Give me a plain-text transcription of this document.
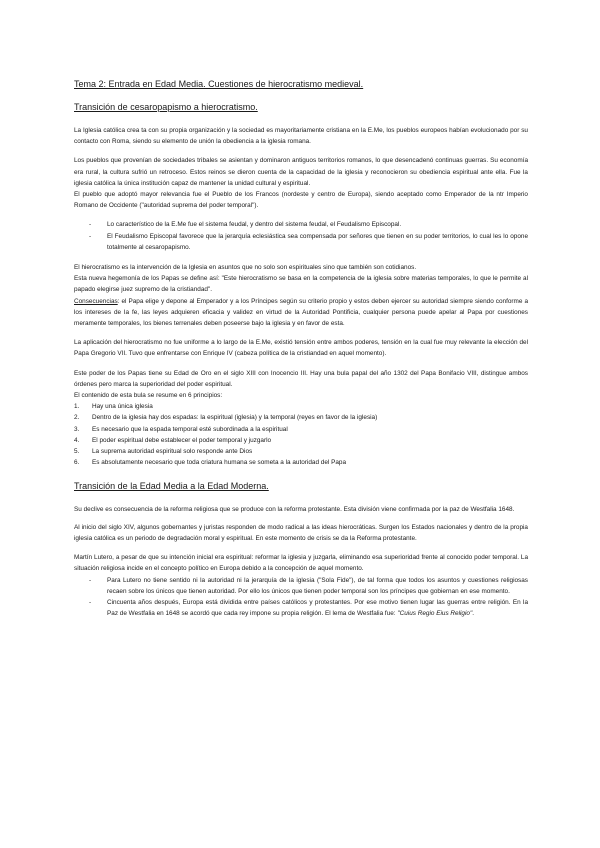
Tema 2: Entrada en Edad Media. Cuestiones de hierocratismo medieval.
Transición de cesaropapismo a hierocratismo.

La Iglesia católica crea ta con su propia organización y la sociedad es mayoritariamente cristiana en la E.Me, los pueblos europeos habían evolucionado por su contacto con Roma, siendo su elemento de unión la obediencia a la iglesia romana.

Los pueblos que provenían de sociedades tribales se asientan y dominaron antiguos territorios romanos, lo que desencadenó continuas guerras. Su economía era rural, la cultura sufrió un retroceso. Estos reinos se dieron cuenta de la capacidad de la iglesia y reconocieron su obediencia espiritual ante ella. Fue la iglesia católica la única institución capaz de mantener la unidad cultural y espiritual.

El pueblo que adoptó mayor relevancia fue el Pueblo de los Francos (nordeste y centro de Europa), siendo aceptado como Emperador de la ntr Imperio Romano de Occidente ("autoridad suprema del poder temporal").

- Lo característico de la E.Me fue el sistema feudal, y dentro del sistema feudal, el Feudalismo Episcopal.
- El Feudalismo Episcopal favorece que la jerarquía eclesiástica sea compensada por señores que tienen en su poder territorios, lo cual les lo opone totalmente al cesaropapismo.

El hierocratismo es la intervención de la Iglesia en asuntos que no solo son espirituales sino que también son cotidianos.

Esta nueva hegemonía de los Papas se define así: "Este hierocratismo se basa en la competencia de la iglesia sobre materias temporales, lo que le permite al papado elegirse juez supremo de la cristiandad".

Consecuencias: el Papa elige y depone al Emperador y a los Príncipes según su criterio propio y estos deben ejercer su autoridad siempre siendo conforme a los intereses de la fe, las leyes adquieren eficacia y validez en virtud de la Autoridad Pontificia, cualquier persona puede apelar al Papa por cuestiones meramente temporales, los bienes terrenales deben poseerse bajo la iglesia y en favor de esta.

La aplicación del hierocratismo no fue uniforme a lo largo de la E.Me, existió tensión entre ambos poderes, tensión en la cual fue muy relevante la elección del Papa Gregorio VII. Tuvo que enfrentarse con Enrique IV (cabeza política de la cristiandad en aquel momento).

Este poder de los Papas tiene su Edad de Oro en el siglo XIII con Inocencio III. Hay una bula papal del año 1302 del Papa Bonifacio VIII, distingue ambos órdenes pero marca la superioridad del poder espiritual.

El contenido de esta bula se resume en 6 principios:

1. Hay una única iglesia
2. Dentro de la iglesia hay dos espadas: la espiritual (iglesia) y la temporal (reyes en favor de la iglesia)
3. Es necesario que la espada temporal esté subordinada a la espiritual
4. El poder espiritual debe establecer el poder temporal y juzgarlo
5. La suprema autoridad espiritual solo responde ante Dios
6. Es absolutamente necesario que toda criatura humana se someta a la autoridad del Papa
Transición de la Edad Media a la Edad Moderna.

Su declive es consecuencia de la reforma religiosa que se produce con la reforma protestante. Esta división viene confirmada por la paz de Westfalia 1648.

Al inicio del siglo XIV, algunos gobernantes y juristas responden de modo radical a las ideas hierocráticas. Surgen los Estados nacionales y dentro de la propia iglesia católica es un periodo de degradación moral y espiritual. En este momento de crisis se da la Reforma protestante.

Martín Lutero, a pesar de que su intención inicial era espiritual: reformar la iglesia y juzgarla, eliminando esa superioridad frente al conocido poder temporal. La situación religiosa incide en el concepto político en Europa debido a la concepción de aquel momento.

- Para Lutero no tiene sentido ni la autoridad ni la jerarquía de la iglesia ("Sola Fide"), de tal forma que todos los asuntos y cuestiones religiosas recaen sobre los únicos que tienen autoridad. Por ello los únicos que tienen poder temporal son los príncipes que gobiernan en ese momento.
- Cincuenta años después, Europa está dividida entre países católicos y protestantes. Por ese motivo tienen lugar las guerras entre religión. En la Paz de Westfalia en 1648 se acordó que cada rey impone su propia religión. El lema de Westfalia fue: "Cuius Regio Eius Religio".
